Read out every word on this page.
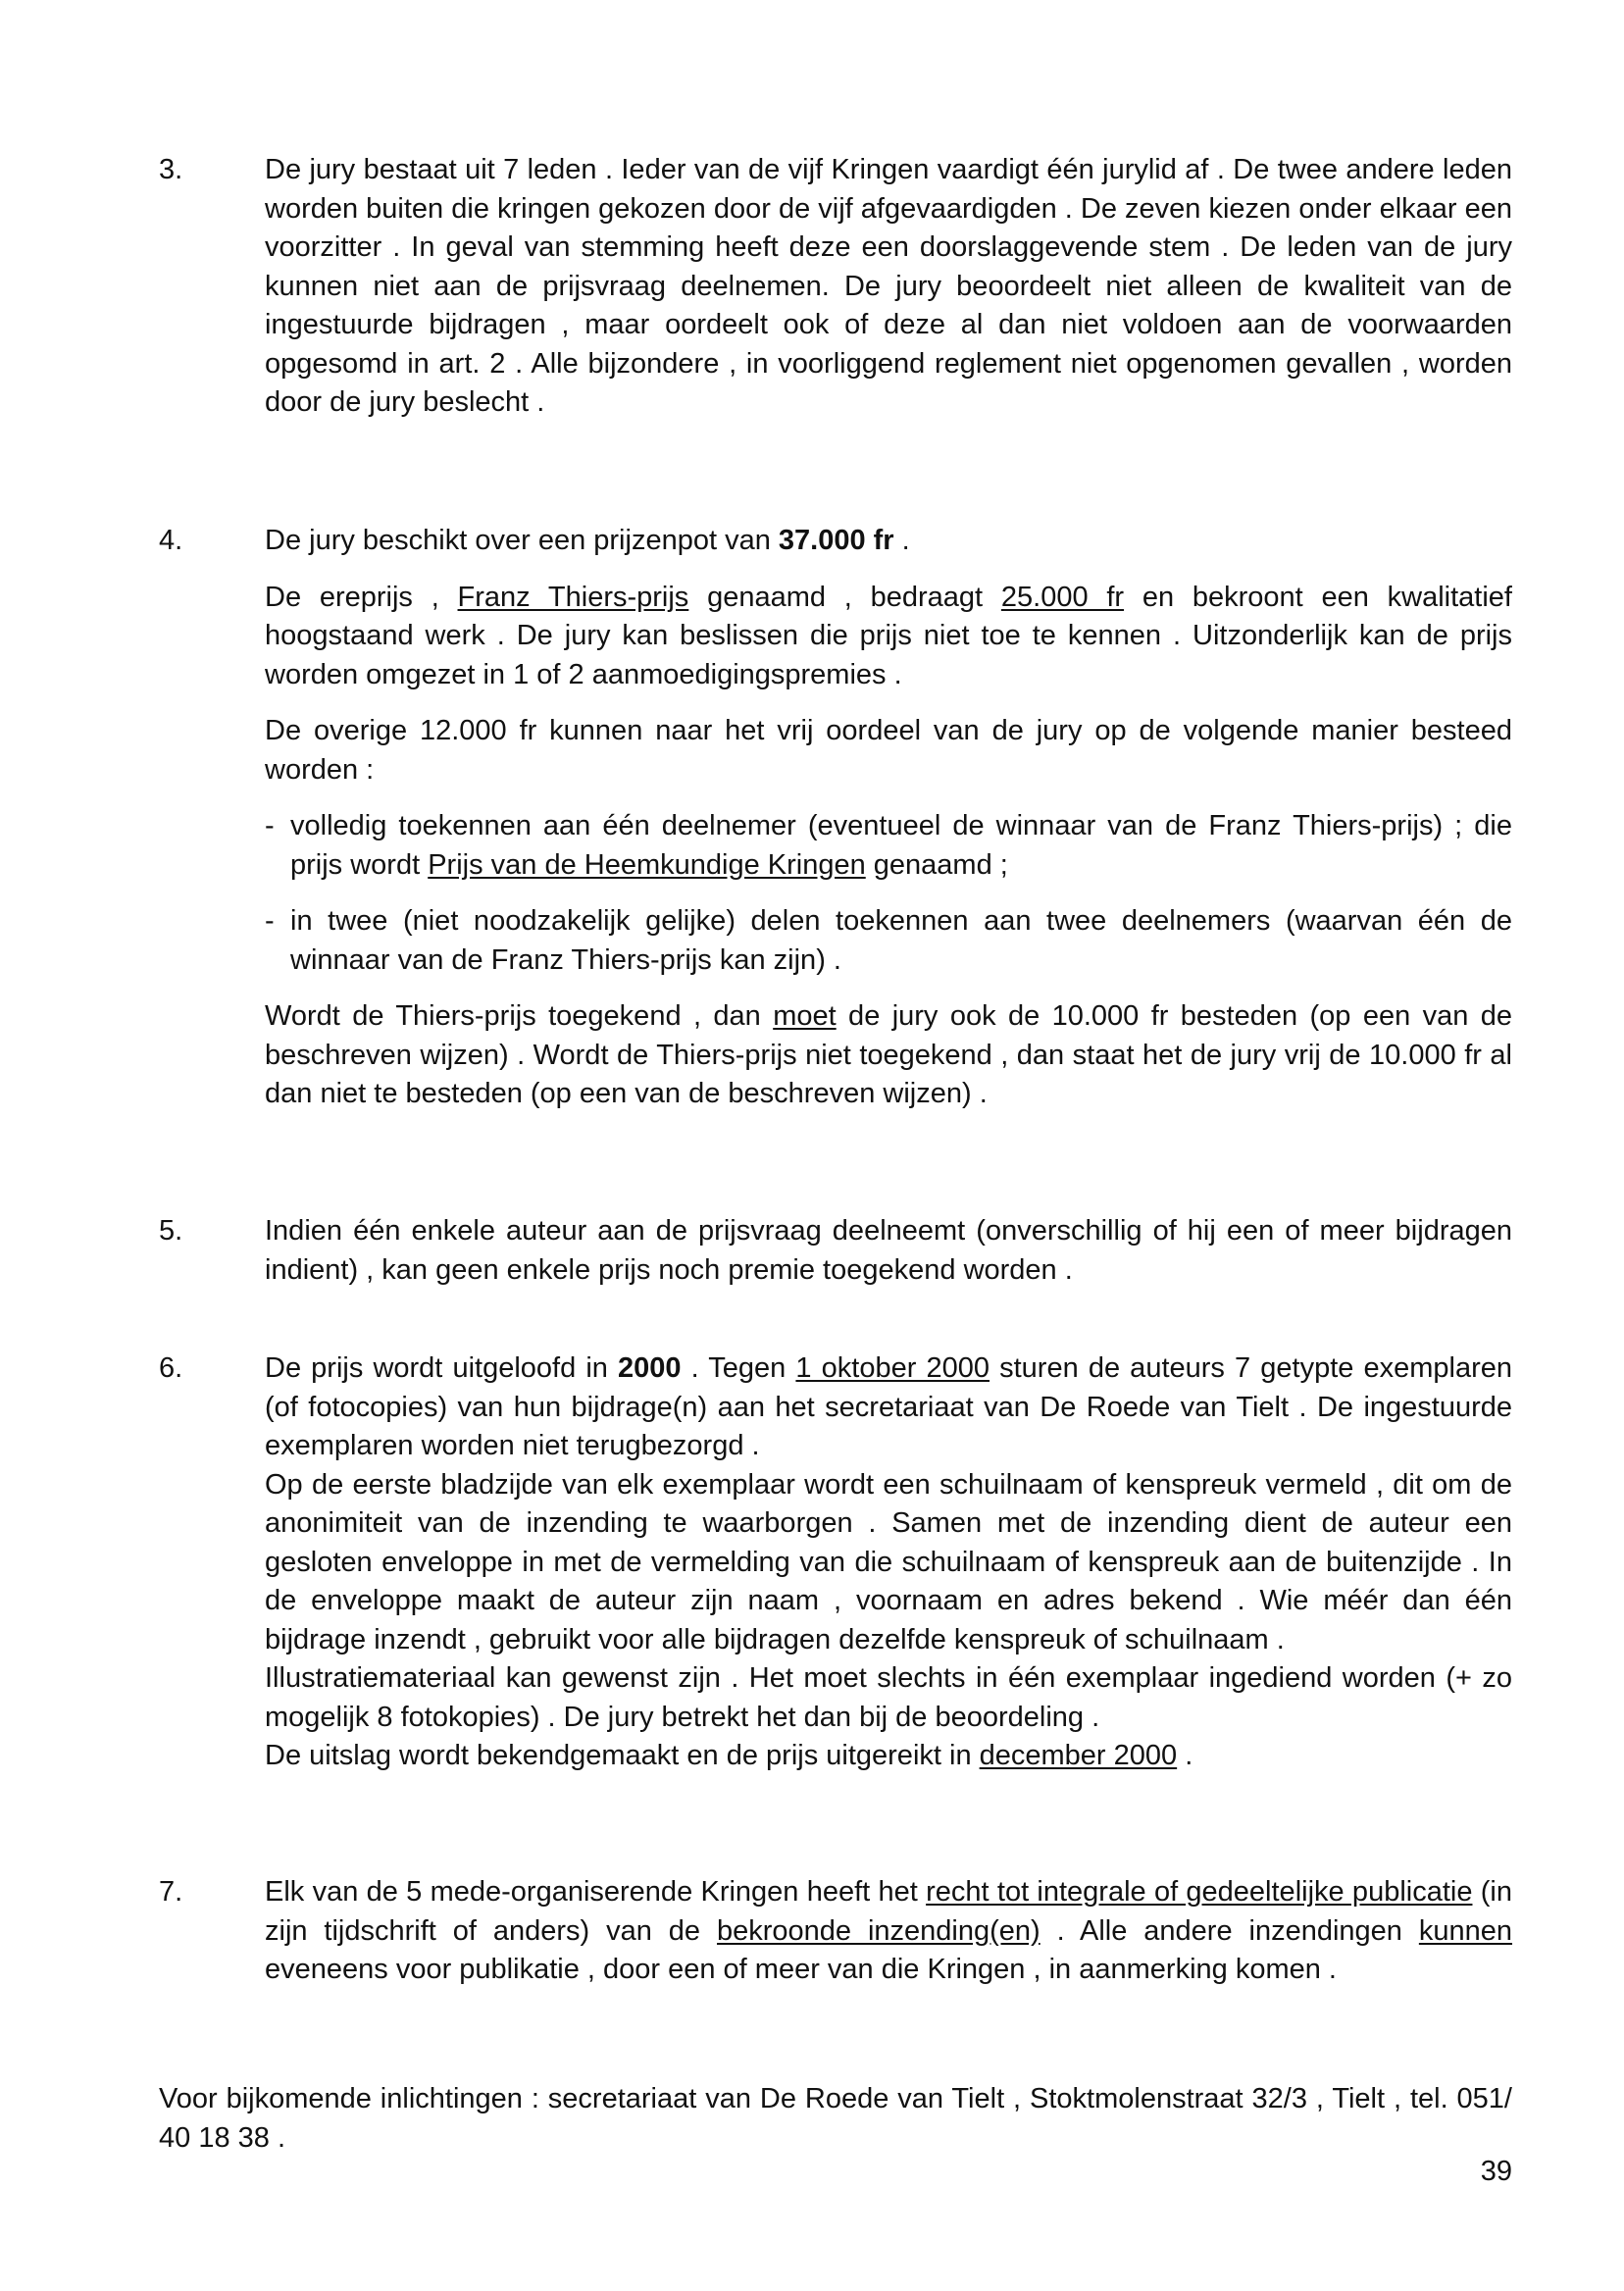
3.	De jury bestaat uit 7 leden . Ieder van de vijf Kringen vaardigt één jurylid af . De twee andere leden worden buiten die kringen gekozen door de vijf afgevaardigden . De zeven kiezen onder elkaar een voorzitter . In geval van stemming heeft deze een doorslaggevende stem . De leden van de jury kunnen niet aan de prijsvraag deelnemen. De jury beoordeelt niet alleen de kwaliteit van de ingestuurde bijdragen , maar oordeelt ook of deze al dan niet voldoen aan de voorwaarden opgesomd in art. 2 . Alle bijzondere , in voorliggend reglement niet opgenomen gevallen , worden door de jury beslecht .

4.	De jury beschikt over een prijzenpot van 37.000 fr .

De ereprijs , Franz Thiers-prijs genaamd , bedraagt 25.000 fr en bekroont een kwalitatief hoogstaand werk . De jury kan beslissen die prijs niet toe te kennen . Uitzonderlijk kan de prijs worden omgezet in 1 of 2 aanmoedigingspremies .

De overige 12.000 fr kunnen naar het vrij oordeel van de jury op de volgende manier besteed worden :

- volledig toekennen aan één deelnemer (eventueel de winnaar van de Franz Thiers-prijs) ; die prijs wordt Prijs van de Heemkundige Kringen genaamd ;

- in twee (niet noodzakelijk gelijke) delen toekennen aan twee deelnemers (waarvan één de winnaar van de Franz Thiers-prijs kan zijn) .

Wordt de Thiers-prijs toegekend , dan moet de jury ook de 10.000 fr besteden (op een van de beschreven wijzen) . Wordt de Thiers-prijs niet toegekend , dan staat het de jury vrij de 10.000 fr al dan niet te besteden (op een van de beschreven wijzen) .

5.	Indien één enkele auteur aan de prijsvraag deelneemt (onverschillig of hij een of meer bijdragen indient) , kan geen enkele prijs noch premie toegekend worden .

6.	De prijs wordt uitgeloofd in 2000 . Tegen 1 oktober 2000 sturen de auteurs 7 getypte exemplaren (of fotocopies) van hun bijdrage(n) aan het secretariaat van De Roede van Tielt . De ingestuurde exemplaren worden niet terugbezorgd .

Op de eerste bladzijde van elk exemplaar wordt een schuilnaam of kenspreuk vermeld , dit om de anonimiteit van de inzending te waarborgen . Samen met de inzending dient de auteur een gesloten enveloppe in met de vermelding van die schuilnaam of kenspreuk aan de buitenzijde . In de enveloppe maakt de auteur zijn naam , voornaam en adres bekend . Wie méér dan één bijdrage inzendt , gebruikt voor alle bijdragen dezelfde kenspreuk of schuilnaam .

Illustratiemateriaal kan gewenst zijn . Het moet slechts in één exemplaar ingediend worden (+ zo mogelijk 8 fotokopies) . De jury betrekt het dan bij de beoordeling .

De uitslag wordt bekendgemaakt en de prijs uitgereikt in december 2000 .

7.	Elk van de 5 mede-organiserende Kringen heeft het recht tot integrale of gedeeltelijke publicatie (in zijn tijdschrift of anders) van de bekroonde inzending(en) . Alle andere inzendingen kunnen eveneens voor publikatie , door een of meer van die Kringen , in aanmerking komen .

Voor bijkomende inlichtingen : secretariaat van De Roede van Tielt , Stoktmolenstraat 32/3 , Tielt , tel. 051/ 40 18 38 .

39
